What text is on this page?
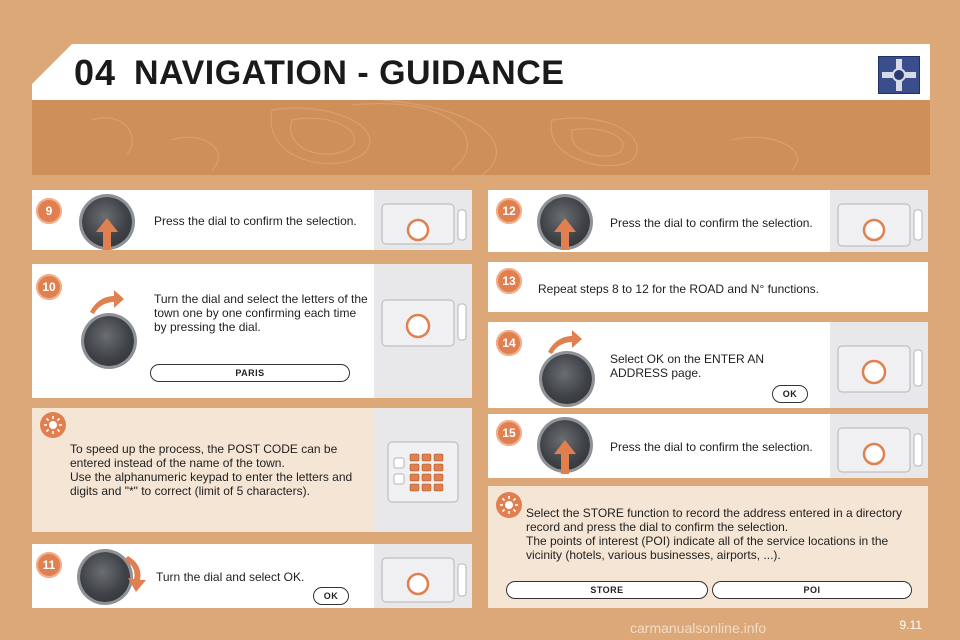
04 NAVIGATION - GUIDANCE
9
Press the dial to confirm the selection.
10
Turn the dial and select the letters of the town one by one confirming each time by pressing the dial.
PARIS
To speed up the process, the POST CODE can be entered instead of the name of the town.
Use the alphanumeric keypad to enter the letters and digits and "*" to correct (limit of 5 characters).
11
Turn the dial and select OK.
OK
12
Press the dial to confirm the selection.
13
Repeat steps 8 to 12 for the ROAD and N° functions.
14
Select OK on the ENTER AN ADDRESS page.
OK
15
Press the dial to confirm the selection.
Select the STORE function to record the address entered in a directory record and press the dial to confirm the selection.
The points of interest (POI) indicate all of the service locations in the vicinity (hotels, various businesses, airports, ...).
STORE	POI
9.11
carmanualsonline.info
